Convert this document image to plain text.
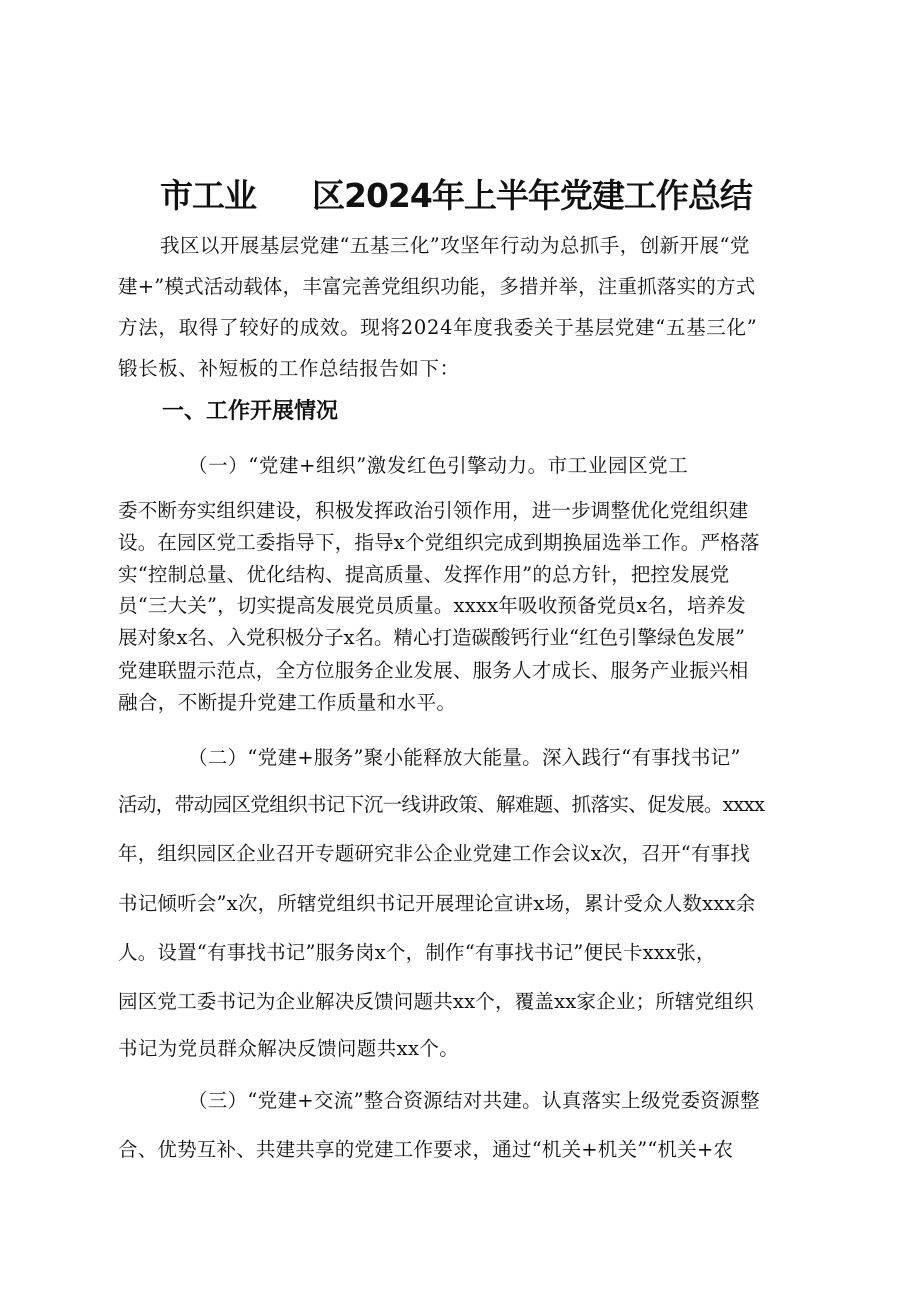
市工业 区2024年上半年党建工作总结

我区以开展基层党建“五基三化”攻坚年行动为总抓手，创新开展“党

建+”模式活动载体，丰富完善党组织功能，多措并举，注重抓落实的方式

方法，取得了较好的成效。现将2024年度我委关于基层党建“五基三化”

锻长板、补短板的工作总结报告如下：

一、工作开展情况

（一）“党建+组织”激发红色引擎动力。市工业园区党工

委不断夯实组织建设，积极发挥政治引领作用，进一步调整优化党组织建

设。在园区党工委指导下，指导x个党组织完成到期换届选举工作。严格落

实“控制总量、优化结构、提高质量、发挥作用”的总方针，把控发展党

员“三大关”，切实提高发展党员质量。xxxx年吸收预备党员x名，培养发

展对象x名、入党积极分子x名。精心打造碳酸钙行业“红色引擎绿色发展”

党建联盟示范点，全方位服务企业发展、服务人才成长、服务产业振兴相

融合，不断提升党建工作质量和水平。

（二）“党建+服务”聚小能释放大能量。深入践行“有事找书记”

活动，带动园区党组织书记下沉一线讲政策、解难题、抓落实、促发展。xxxx

年，组织园区企业召开专题研究非公企业党建工作会议x次，召开“有事找

书记倾听会”x次，所辖党组织书记开展理论宣讲x场，累计受众人数xxx余

人。设置“有事找书记”服务岗x个，制作“有事找书记”便民卡xxx张，

园区党工委书记为企业解决反馈问题共xx个，覆盖xx家企业；所辖党组织

书记为党员群众解决反馈问题共xx个。

（三）“党建+交流”整合资源结对共建。认真落实上级党委资源整

合、优势互补、共建共享的党建工作要求，通过“机关+机关”“机关+农
